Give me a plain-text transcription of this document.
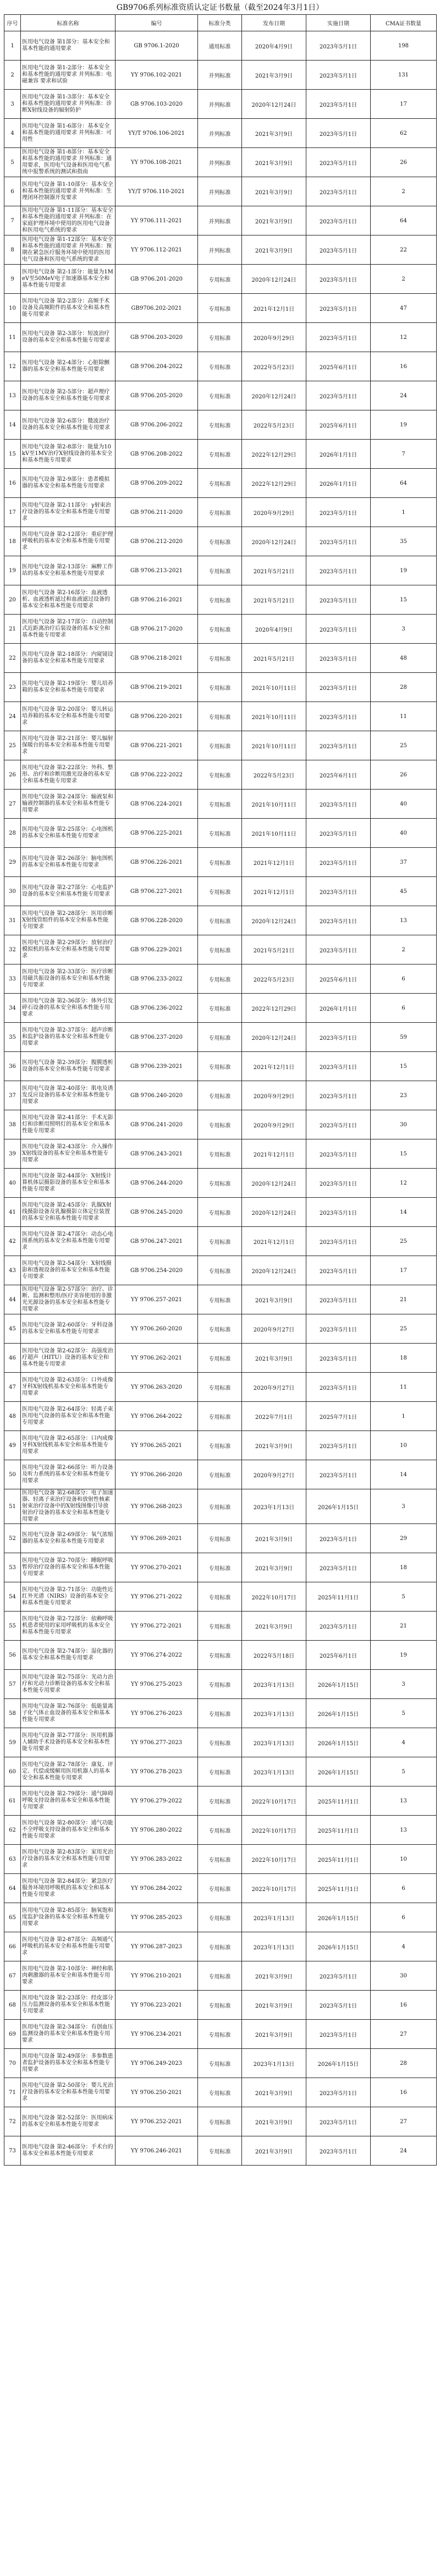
GB9706系列标准资质认定证书数量（截至2024年3月1日）
序号	标准名称	编号	标准分类	发布日期	实施日期	CMA证书数量
1	医用电气设备 第1部分：基本安全和基本性能的通用要求	GB 9706.1-2020	通用标准	2020年4月9日	2023年5月1日	198
2	医用电气设备 第1-2部分：基本安全和基本性能的通用要求 并列标准：电磁兼容 要求和试验	YY 9706.102-2021	并列标准	2021年3月9日	2023年5月1日	131
3	医用电气设备 第1-3部分：基本安全和基本性能的通用要求 并列标准：诊断X射线设备的辐射防护	GB 9706.103-2020	并列标准	2020年12月24日	2023年5月1日	17
4	医用电气设备 第1-6部分：基本安全和基本性能的通用要求 并列标准：可用性	YY/T 9706.106-2021	并列标准	2021年3月9日	2023年5月1日	62
5	医用电气设备 第1-8部分：基本安全和基本性能的通用要求 并列标准：通用要求，医用电气设备和医用电气系统中报警系统的测试和指南	YY 9706.108-2021	并列标准	2021年3月9日	2023年5月1日	26
6	医用电气设备 第1-10部分：基本安全和基本性能的通用要求 并列标准：生理闭环控制器开发要求	YY/T 9706.110-2021	并列标准	2021年3月9日	2023年5月1日	2
7	医用电气设备 第1-11部分：基本安全和基本性能的通用要求 并列标准：在家庭护理环境中使用的医用电气设备和医用电气系统的要求	YY 9706.111-2021	并列标准	2021年3月9日	2023年5月1日	64
8	医用电气设备 第1-12部分：基本安全和基本性能的通用要求 并列标准：预期在紧急医疗服务环境中使用的医用电气设备和医用电气系统的要求	YY 9706.112-2021	并列标准	2021年3月9日	2023年5月1日	22
9	医用电气设备 第2-1部分：能量为1MeV至50MeV电子加速器基本安全和基本性能专用要求	GB 9706.201-2020	专用标准	2020年12月24日	2023年5月1日	2
10	医用电气设备 第2-2部分：高频手术设备及高频附件的基本安全和基本性能专用要求	GB9706.202-2021	专用标准	2021年12月1日	2023年5月1日	47
11	医用电气设备 第2-3部分：短波治疗设备的基本安全和基本性能专用要求	GB 9706.203-2020	专用标准	2020年9月29日	2023年5月1日	12
12	医用电气设备 第2-4部分：心脏除颤器的基本安全和基本性能专用要求	GB 9706.204-2022	专用标准	2022年5月23日	2025年6月1日	16
13	医用电气设备 第2-5部分：超声理疗设备的基本安全和基本性能专用要求	GB 9706.205-2020	专用标准	2020年12月24日	2023年5月1日	24
14	医用电气设备 第2-6部分：微波治疗设备的基本安全和基本性能专用要求	GB 9706.206-2022	专用标准	2022年5月23日	2025年6月1日	19
15	医用电气设备 第2-8部分：能量为10kV至1MV治疗X射线设备的基本安全和基本性能专用要求	GB 9706.208-2022	专用标准	2022年12月29日	2026年1月1日	7
16	医用电气设备 第2-9部分：患者模拟器的基本安全和基本性能专用要求	GB 9706.209-2022	专用标准	2022年12月29日	2026年1月1日	64
17	医用电气设备 第2-11部分：γ射束治疗设备的基本安全和基本性能专用要求	GB 9706.211-2020	专用标准	2020年9月29日	2023年5月1日	1
18	医用电气设备 第2-12部分：重症护理呼吸机的基本安全和基本性能专用要求	GB 9706.212-2020	专用标准	2020年12月24日	2023年5月1日	35
19	医用电气设备 第2-13部分：麻醉工作站的基本安全和基本性能专用要求	GB 9706.213-2021	专用标准	2021年5月21日	2023年5月1日	19
20	医用电气设备 第2-16部分：血液透析、血液透析滤过和血液滤过设备的基本安全和基本性能专用要求	GB 9706.216-2021	专用标准	2021年5月21日	2023年5月1日	15
21	医用电气设备 第2-17部分：自动控制式近距离治疗后装设备的基本安全和基本性能专用要求	GB 9706.217-2020	专用标准	2020年4月9日	2023年5月1日	3
22	医用电气设备 第2-18部分：内窥镜设备的基本安全和基本性能专用要求	GB 9706.218-2021	专用标准	2021年5月21日	2023年5月1日	48
23	医用电气设备 第2-19部分：婴儿培养箱的基本安全和基本性能专用要求	GB 9706.219-2021	专用标准	2021年10月11日	2023年5月1日	28
24	医用电气设备 第2-20部分：婴儿转运培养箱的基本安全和基本性能专用要求	GB 9706.220-2021	专用标准	2021年10月11日	2023年5月1日	11
25	医用电气设备 第2-21部分：婴儿辐射保暖台的基本安全和基本性能专用要求	GB 9706.221-2021	专用标准	2021年10月11日	2023年5月1日	25
26	医用电气设备 第2-22部分：外科、整形、治疗和诊断用激光设备的基本安全和基本性能专用要求	GB 9706.222-2022	专用标准	2022年5月23日	2025年6月1日	26
27	医用电气设备 第2-24部分：输液泵和输液控制器的基本安全和基本性能专用要求	GB 9706.224-2021	专用标准	2021年10月11日	2023年5月1日	40
28	医用电气设备 第2-25部分：心电图机的基本安全和基本性能专用要求	GB 9706.225-2021	专用标准	2021年10月11日	2023年5月1日	40
29	医用电气设备 第2-26部分：脑电图机的基本安全和基本性能专用要求	GB 9706.226-2021	专用标准	2021年12月1日	2023年5月1日	37
30	医用电气设备 第2-27部分：心电监护设备的基本安全和基本性能专用要求	GB 9706.227-2021	专用标准	2021年12月1日	2023年5月1日	45
31	医用电气设备 第2-28部分：医用诊断X射线管组件的基本安全和基本性能专用要求	GB 9706.228-2020	专用标准	2020年12月24日	2023年5月1日	13
32	医用电气设备 第2-29部分：放射治疗模拟机的基本安全和基本性能专用要求	GB 9706.229-2021	专用标准	2021年5月21日	2023年5月1日	2
33	医用电气设备 第2-33部分：医疗诊断用磁共振设备的基本安全和基本性能专用要求	GB 9706.233-2022	专用标准	2022年5月23日	2025年6月1日	6
34	医用电气设备 第2-36部分：体外引发碎石设备的基本安全和基本性能专用要求	GB 9706.236-2022	专用标准	2022年12月29日	2026年1月1日	6
35	医用电气设备 第2-37部分：超声诊断和监护设备的基本安全和基本性能专用要求	GB 9706.237-2020	专用标准	2020年12月24日	2023年5月1日	59
36	医用电气设备 第2-39部分：腹膜透析设备的基本安全和基本性能专用要求	GB 9706.239-2021	专用标准	2021年12月1日	2023年5月1日	15
37	医用电气设备 第2-40部分：肌电及诱发反应设备的基本安全和基本性能专用要求	GB 9706.240-2020	专用标准	2020年9月29日	2023年5月1日	23
38	医用电气设备 第2-41部分：手术无影灯和诊断用照明灯的基本安全和基本性能专用要求	GB 9706.241-2020	专用标准	2020年9月29日	2023年5月1日	30
39	医用电气设备 第2-43部分：介入操作X射线设备的基本安全和基本性能专用要求	GB 9706.243-2021	专用标准	2021年12月1日	2023年5月1日	15
40	医用电气设备 第2-44部分：X射线计算机体层摄影设备的基本安全和基本性能专用要求	GB 9706.244-2020	专用标准	2020年12月24日	2023年5月1日	12
41	医用电气设备 第2-45部分：乳腺X射线摄影设备及乳腺摄影立体定位装置的基本安全和基本性能专用要求	GB 9706.245-2020	专用标准	2020年12月24日	2023年5月1日	14
42	医用电气设备 第2-47部分：动态心电图系统的基本安全和基本性能专用要求	GB 9706.247-2021	专用标准	2021年12月1日	2023年5月1日	25
43	医用电气设备 第2-54部分：X射线摄影和透视设备的基本安全和基本性能专用要求	GB 9706.254-2020	专用标准	2020年12月24日	2023年5月1日	17
44	医用电气设备 第2-57部分：治疗、诊断、监测和整形/医疗美容使用的非激光光源设备的基本安全和基本性能专用要求	YY 9706.257-2021	专用标准	2021年3月9日	2023年5月1日	21
45	医用电气设备 第2-60部分：牙科设备的基本安全和基本性能专用要求	YY 9706.260-2020	专用标准	2020年9月27日	2023年5月1日	25
46	医用电气设备 第2-62部分：高强度治疗超声（HITU）设备的基本安全和基本性能专用要求	YY 9706.262-2021	专用标准	2021年3月9日	2023年5月1日	18
47	医用电气设备 第2-63部分：口外成像牙科X射线机基本安全和基本性能专用要求	YY 9706.263-2020	专用标准	2020年9月27日	2023年5月1日	11
48	医用电气设备 第2-64部分：轻离子束医用电气设备的基本安全和基本性能专用要求	YY 9706.264-2022	专用标准	2022年7月1日	2025年7月1日	1
49	医用电气设备 第2-65部分：口内成像牙科X射线机基本安全和基本性能专用要求	YY 9706.265-2021	专用标准	2021年3月9日	2023年5月1日	10
50	医用电气设备 第2-66部分：听力设备及听力系统的基本安全和基本性能专用要求	YY 9706.266-2020	专用标准	2020年9月27日	2023年5月1日	14
51	医用电气设备 第2-68部分：电子加速器、轻离子束治疗设备和放射性核素射束治疗设备中的X射线图像引导放射治疗设备的基本安全和基本性能专用要求	YY 9706.268-2023	专用标准	2023年1月13日	2026年1月15日	3
52	医用电气设备 第2-69部分：氧气浓缩器的基本安全和基本性能专用要求	YY 9706.269-2021	专用标准	2021年3月9日	2023年5月1日	29
53	医用电气设备 第2-70部分：睡眠呼吸暂停治疗设备的基本安全和基本性能专用要求	YY 9706.270-2021	专用标准	2021年3月9日	2023年5月1日	18
54	医用电气设备 第2-71部分：功能性近红外光谱（NIRS）设备的基本安全和基本性能专用要求	YY 9706.271-2022	专用标准	2022年10月17日	2025年11月1日	5
55	医用电气设备 第2-72部分：依赖呼吸机患者使用的家用呼吸机的基本安全和基本性能专用要求	YY 9706.272-2021	专用标准	2021年3月9日	2023年5月1日	21
56	医用电气设备 第2-74部分：湿化器的基本安全和基本性能专用要求	YY 9706.274-2022	专用标准	2022年5月18日	2025年6月1日	19
57	医用电气设备 第2-75部分：光动力治疗和光动力诊断设备的基本安全和基本性能专用要求	YY 9706.275-2023	专用标准	2023年1月13日	2026年1月15日	3
58	医用电气设备 第2-76部分：低能量离子化气体止血设备的基本安全和基本性能专用要求	YY 9706.276-2023	专用标准	2023年1月13日	2026年1月15日	5
59	医用电气设备 第2-77部分：医用机器人辅助手术设备的基本安全和基本性能专用要求	YY 9706.277-2023	专用标准	2023年1月13日	2026年1月15日	4
60	医用电气设备 第2-78部分：康复、评定、代偿或缓解用医用机器人的基本安全和基本性能专用要求	YY 9706.278-2023	专用标准	2023年1月13日	2026年1月15日	5
61	医用电气设备 第2-79部分：通气障碍呼吸支持设备的基本安全和基本性能专用要求	YY 9706.279-2022	专用标准	2022年10月17日	2025年11月1日	13
62	医用电气设备 第2-80部分：通气功能不全呼吸支持设备的基本安全和基本性能专用要求	YY 9706.280-2022	专用标准	2022年10月17日	2025年11月1日	13
63	医用电气设备 第2-83部分：家用光治疗设备的基本安全和基本性能专用要求	YY 9706.283-2022	专用标准	2022年10月17日	2025年11月1日	10
64	医用电气设备 第2-84部分：紧急医疗服务环境用呼吸机的基本安全和基本性能专用要求	YY 9706.284-2022	专用标准	2022年10月17日	2025年11月1日	6
65	医用电气设备 第2-85部分：脑氧饱和度监护设备的基本安全和基本性能专用要求	YY 9706.285-2023	专用标准	2023年1月13日	2026年1月15日	6
66	医用电气设备 第2-87部分：高频通气呼吸机的基本安全和基本性能专用要求	YY 9706.287-2023	专用标准	2023年1月13日	2026年1月15日	4
67	医用电气设备 第2-10部分：神经和肌肉刺激器的基本安全和基本性能专用要求	YY 9706.210-2021	专用标准	2021年3月9日	2023年5月1日	30
68	医用电气设备 第2-23部分：经皮部分压力监测设备的基本安全和基本性能专用要求	YY 9706.223-2021	专用标准	2021年3月9日	2023年5月1日	16
69	医用电气设备 第2-34部分：有创血压监测设备的基本安全和基本性能专用要求	YY 9706.234-2021	专用标准	2021年3月9日	2023年5月1日	27
70	医用电气设备 第2-49部分：多参数患者监护设备的基本安全和基本性能专用要求	YY 9706.249-2023	专用标准	2023年1月13日	2026年1月15日	28
71	医用电气设备 第2-50部分：婴儿光治疗设备的基本安全和基本性能专用要求	YY 9706.250-2021	专用标准	2021年3月9日	2023年5月1日	16
72	医用电气设备 第2-52部分：医用病床的基本安全和基本性能专用要求	YY 9706.252-2021	专用标准	2021年3月9日	2023年5月1日	27
73	医用电气设备 第2-46部分：手术台的基本安全和基本性能专用要求	YY 9706.246-2021	专用标准	2021年3月9日	2023年5月1日	24
